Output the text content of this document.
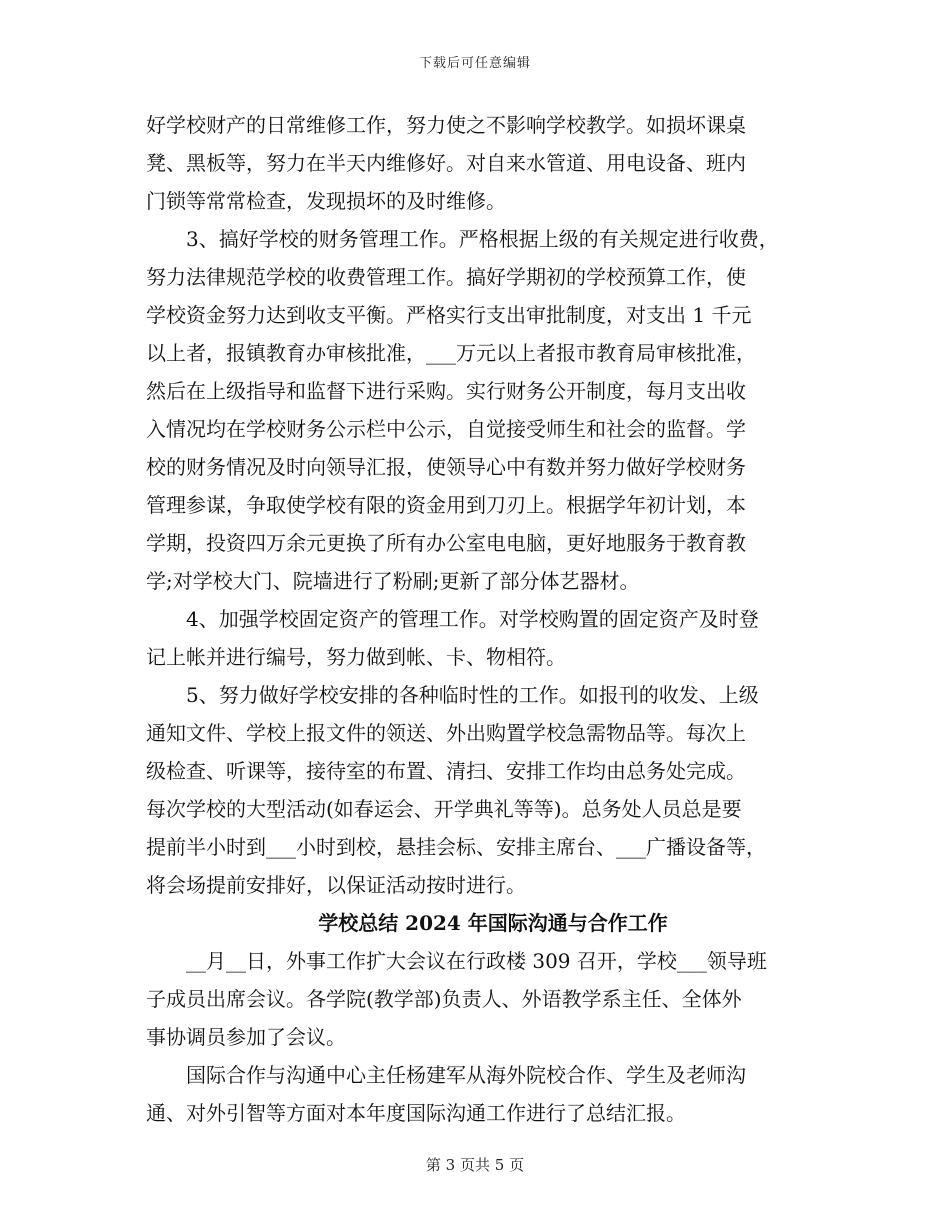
下载后可任意编辑
好学校财产的日常维修工作，努力使之不影响学校教学。如损坏课桌
凳、黑板等，努力在半天内维修好。对自来水管道、用电设备、班内
门锁等常常检查，发现损坏的及时维修。
　　3、搞好学校的财务管理工作。严格根据上级的有关规定进行收费，
努力法律规范学校的收费管理工作。搞好学期初的学校预算工作，使
学校资金努力达到收支平衡。严格实行支出审批制度，对支出 1 千元
以上者，报镇教育办审核批准，___万元以上者报市教育局审核批准，
然后在上级指导和监督下进行采购。实行财务公开制度，每月支出收
入情况均在学校财务公示栏中公示，自觉接受师生和社会的监督。学
校的财务情况及时向领导汇报，使领导心中有数并努力做好学校财务
管理参谋，争取使学校有限的资金用到刀刃上。根据学年初计划，本
学期，投资四万余元更换了所有办公室电电脑，更好地服务于教育教
学;对学校大门、院墙进行了粉刷;更新了部分体艺器材。
　　4、加强学校固定资产的管理工作。对学校购置的固定资产及时登
记上帐并进行编号，努力做到帐、卡、物相符。
　　5、努力做好学校安排的各种临时性的工作。如报刊的收发、上级
通知文件、学校上报文件的领送、外出购置学校急需物品等。每次上
级检查、听课等，接待室的布置、清扫、安排工作均由总务处完成。
每次学校的大型活动(如春运会、开学典礼等等)。总务处人员总是要
提前半小时到___小时到校，悬挂会标、安排主席台、___广播设备等，
将会场提前安排好，以保证活动按时进行。
学校总结 2024 年国际沟通与合作工作
　　__月__日，外事工作扩大会议在行政楼 309 召开，学校___领导班
子成员出席会议。各学院(教学部)负责人、外语教学系主任、全体外
事协调员参加了会议。
　　国际合作与沟通中心主任杨建军从海外院校合作、学生及老师沟
通、对外引智等方面对本年度国际沟通工作进行了总结汇报。
第 3 页共 5 页
